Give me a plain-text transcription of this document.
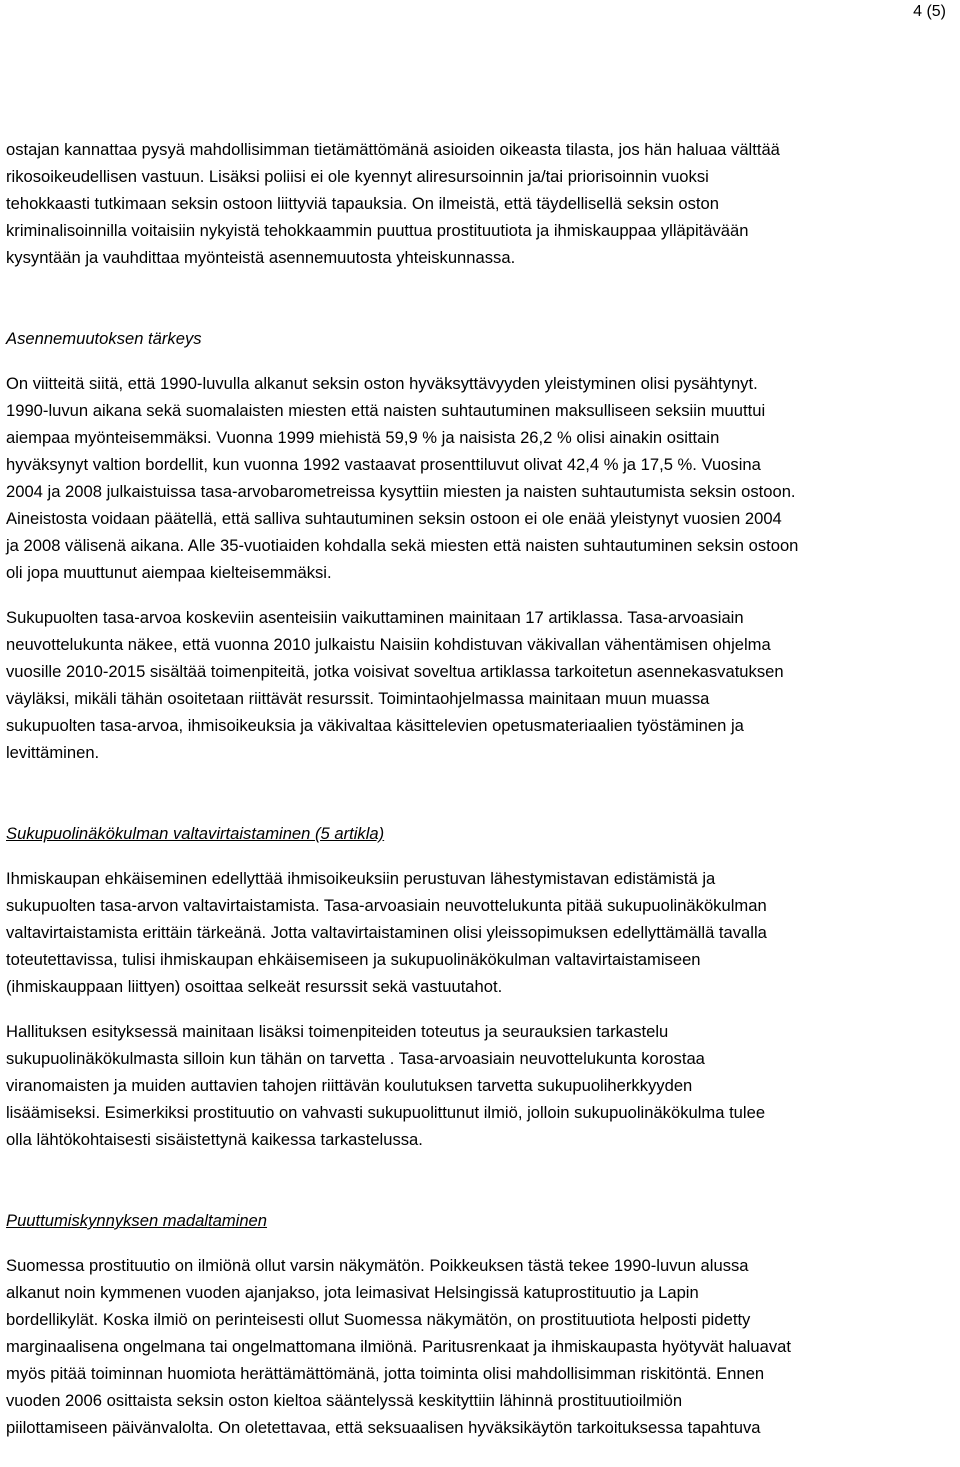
4 (5)

ostajan kannattaa pysyä mahdollisimman tietämättömänä asioiden oikeasta tilasta, jos hän haluaa välttää
rikosoikeudellisen vastuun. Lisäksi poliisi ei ole kyennyt aliresursoinnin ja/tai priorisoinnin vuoksi
tehokkaasti tutkimaan seksin ostoon liittyviä tapauksia. On ilmeistä, että täydellisellä seksin oston
kriminalisoinnilla voitaisiin nykyistä tehokkaammin puuttua prostituutiota ja ihmiskauppaa ylläpitävään
kysyntään ja vauhdittaa myönteistä asennemuutosta yhteiskunnassa.

Asennemuutoksen tärkeys

On viitteitä siitä, että 1990-luvulla alkanut seksin oston hyväksyttävyyden yleistyminen olisi pysähtynyt.
1990-luvun aikana sekä suomalaisten miesten että naisten suhtautuminen maksulliseen seksiin muuttui
aiempaa myönteisemmäksi. Vuonna 1999 miehistä 59,9 % ja naisista 26,2 % olisi ainakin osittain
hyväksynyt valtion bordellit, kun vuonna 1992 vastaavat prosenttiluvut olivat 42,4 % ja 17,5 %. Vuosina
2004 ja 2008 julkaistuissa tasa-arvobarometreissa kysyttiin miesten ja naisten suhtautumista seksin ostoon.
Aineistosta voidaan päätellä, että salliva suhtautuminen seksin ostoon ei ole enää yleistynyt vuosien 2004
ja 2008 välisenä aikana. Alle 35-vuotiaiden kohdalla sekä miesten että naisten suhtautuminen seksin ostoon
oli jopa muuttunut aiempaa kielteisemmäksi.

Sukupuolten tasa-arvoa koskeviin asenteisiin vaikuttaminen mainitaan 17 artiklassa. Tasa-arvoasiain
neuvottelukunta näkee, että vuonna 2010 julkaistu Naisiin kohdistuvan väkivallan vähentämisen ohjelma
vuosille 2010-2015 sisältää toimenpiteitä, jotka voisivat soveltua artiklassa tarkoitetun asennekasvatuksen
väyläksi, mikäli tähän osoitetaan riittävät resurssit. Toimintaohjelmassa mainitaan muun muassa
sukupuolten tasa-arvoa, ihmisoikeuksia ja väkivaltaa käsittelevien opetusmateriaalien työstäminen ja
levittäminen.

Sukupuolinäkökulman valtavirtaistaminen (5 artikla)

Ihmiskaupan ehkäiseminen edellyttää ihmisoikeuksiin perustuvan lähestymistavan edistämistä ja
sukupuolten tasa-arvon valtavirtaistamista. Tasa-arvoasiain neuvottelukunta pitää sukupuolinäkökulman
valtavirtaistamista erittäin tärkeänä. Jotta valtavirtaistaminen olisi yleissopimuksen edellyttämällä tavalla
toteutettavissa, tulisi ihmiskaupan ehkäisemiseen ja sukupuolinäkökulman valtavirtaistamiseen
(ihmiskauppaan liittyen) osoittaa selkeät resurssit sekä vastuutahot.

Hallituksen esityksessä mainitaan lisäksi toimenpiteiden toteutus ja seurauksien tarkastelu
sukupuolinäkökulmasta silloin kun tähän on tarvetta . Tasa-arvoasiain neuvottelukunta korostaa
viranomaisten ja muiden auttavien tahojen riittävän koulutuksen tarvetta sukupuoliherkkyyden
lisäämiseksi. Esimerkiksi prostituutio on vahvasti sukupuolittunut ilmiö, jolloin sukupuolinäkökulma tulee
olla lähtökohtaisesti sisäistettynä kaikessa tarkastelussa.

Puuttumiskynnyksen madaltaminen

Suomessa prostituutio on ilmiönä ollut varsin näkymätön. Poikkeuksen tästä tekee 1990-luvun alussa
alkanut noin kymmenen vuoden ajanjakso, jota leimasivat Helsingissä katuprostituutio ja Lapin
bordellikylät. Koska ilmiö on perinteisesti ollut Suomessa näkymätön, on prostituutiota helposti pidetty
marginaalisena ongelmana tai ongelmattomana ilmiönä. Paritusrenkaat ja ihmiskaupasta hyötyvät haluavat
myös pitää toiminnan huomiota herättämättömänä, jotta toiminta olisi mahdollisimman riskitöntä. Ennen
vuoden 2006 osittaista seksin oston kieltoa sääntelyssä keskityttiin lähinnä prostituutioilmiön
piilottamiseen päivänvalolta. On oletettavaa, että seksuaalisen hyväksikäytön tarkoituksessa tapahtuva
